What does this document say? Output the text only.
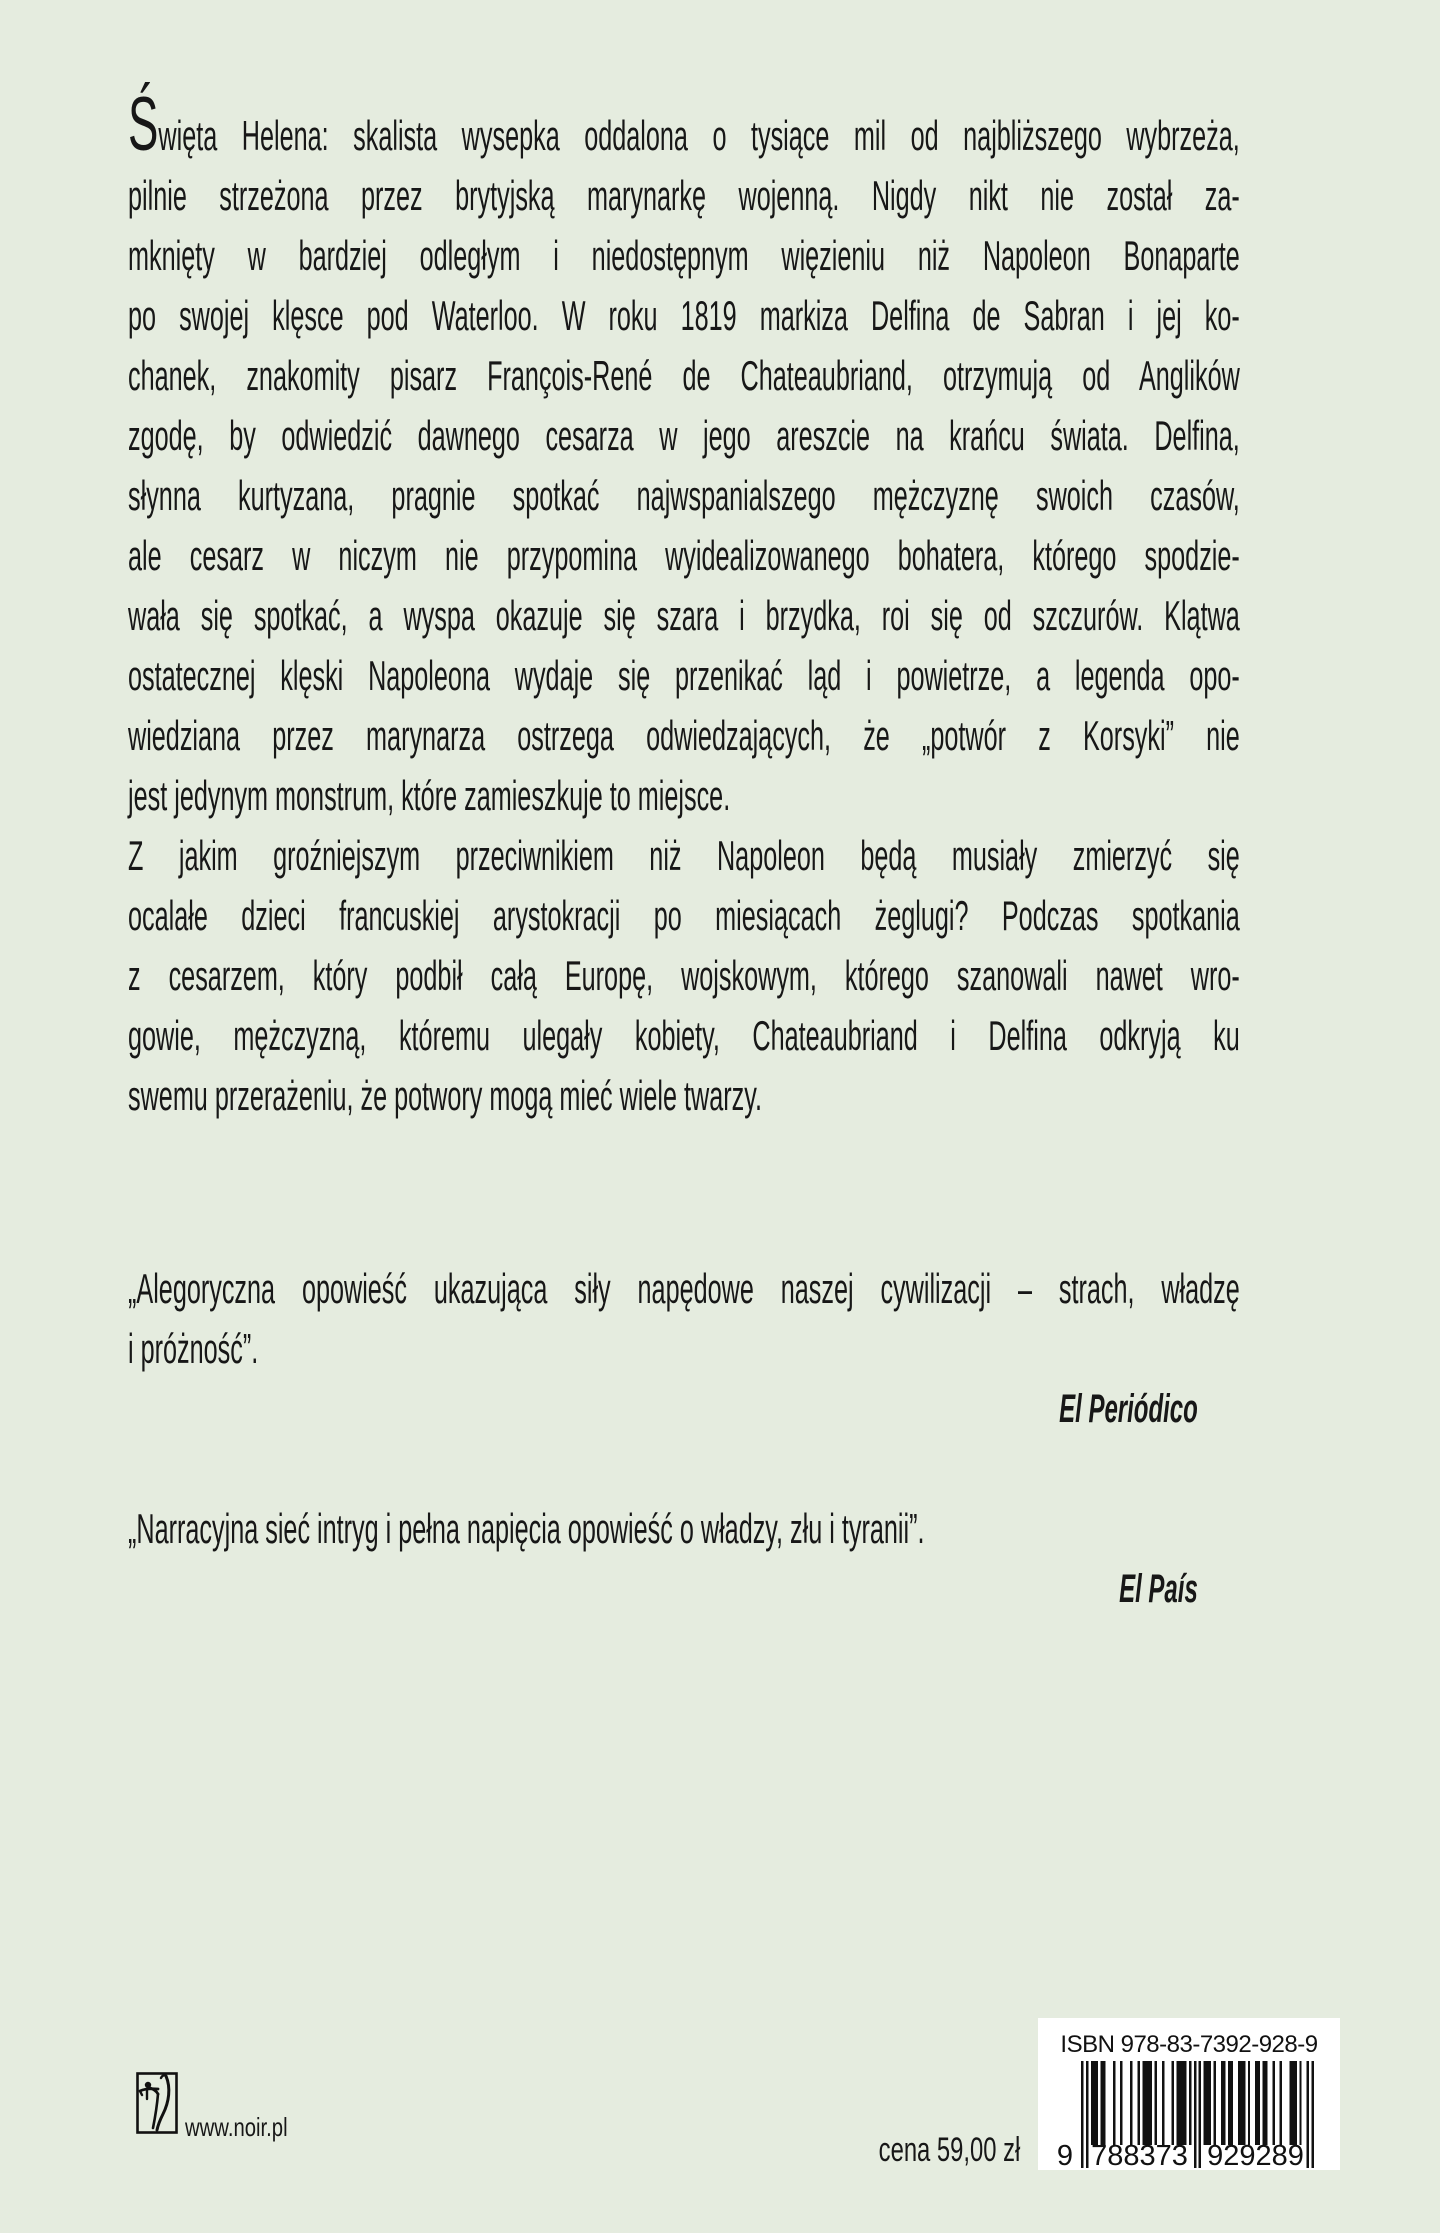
Święta Helena: skalista wysepka oddalona o tysiące mil od najbliższego wybrzeża,
pilnie strzeżona przez brytyjską marynarkę wojenną. Nigdy nikt nie został za-
mknięty w bardziej odległym i niedostępnym więzieniu niż Napoleon Bonaparte
po swojej klęsce pod Waterloo. W roku 1819 markiza Delfina de Sabran i jej ko-
chanek, znakomity pisarz François-René de Chateaubriand, otrzymują od Anglików
zgodę, by odwiedzić dawnego cesarza w jego areszcie na krańcu świata. Delfina,
słynna kurtyzana, pragnie spotkać najwspanialszego mężczyznę swoich czasów,
ale cesarz w niczym nie przypomina wyidealizowanego bohatera, którego spodzie-
wała się spotkać, a wyspa okazuje się szara i brzydka, roi się od szczurów. Klątwa
ostatecznej klęski Napoleona wydaje się przenikać ląd i powietrze, a legenda opo-
wiedziana przez marynarza ostrzega odwiedzających, że „potwór z Korsyki” nie
jest jedynym monstrum, które zamieszkuje to miejsce.
Z jakim groźniejszym przeciwnikiem niż Napoleon będą musiały zmierzyć się
ocalałe dzieci francuskiej arystokracji po miesiącach żeglugi? Podczas spotkania
z cesarzem, który podbił całą Europę, wojskowym, którego szanowali nawet wro-
gowie, mężczyzną, któremu ulegały kobiety, Chateaubriand i Delfina odkryją ku
swemu przerażeniu, że potwory mogą mieć wiele twarzy.
„Alegoryczna opowieść ukazująca siły napędowe naszej cywilizacji – strach, władzę
i próżność”.
El Periódico
„Narracyjna sieć intryg i pełna napięcia opowieść o władzy, złu i tyranii”.
El País
www.noir.pl
cena 59,00 zł
ISBN 978-83-7392-928-9
9 788373 929289
